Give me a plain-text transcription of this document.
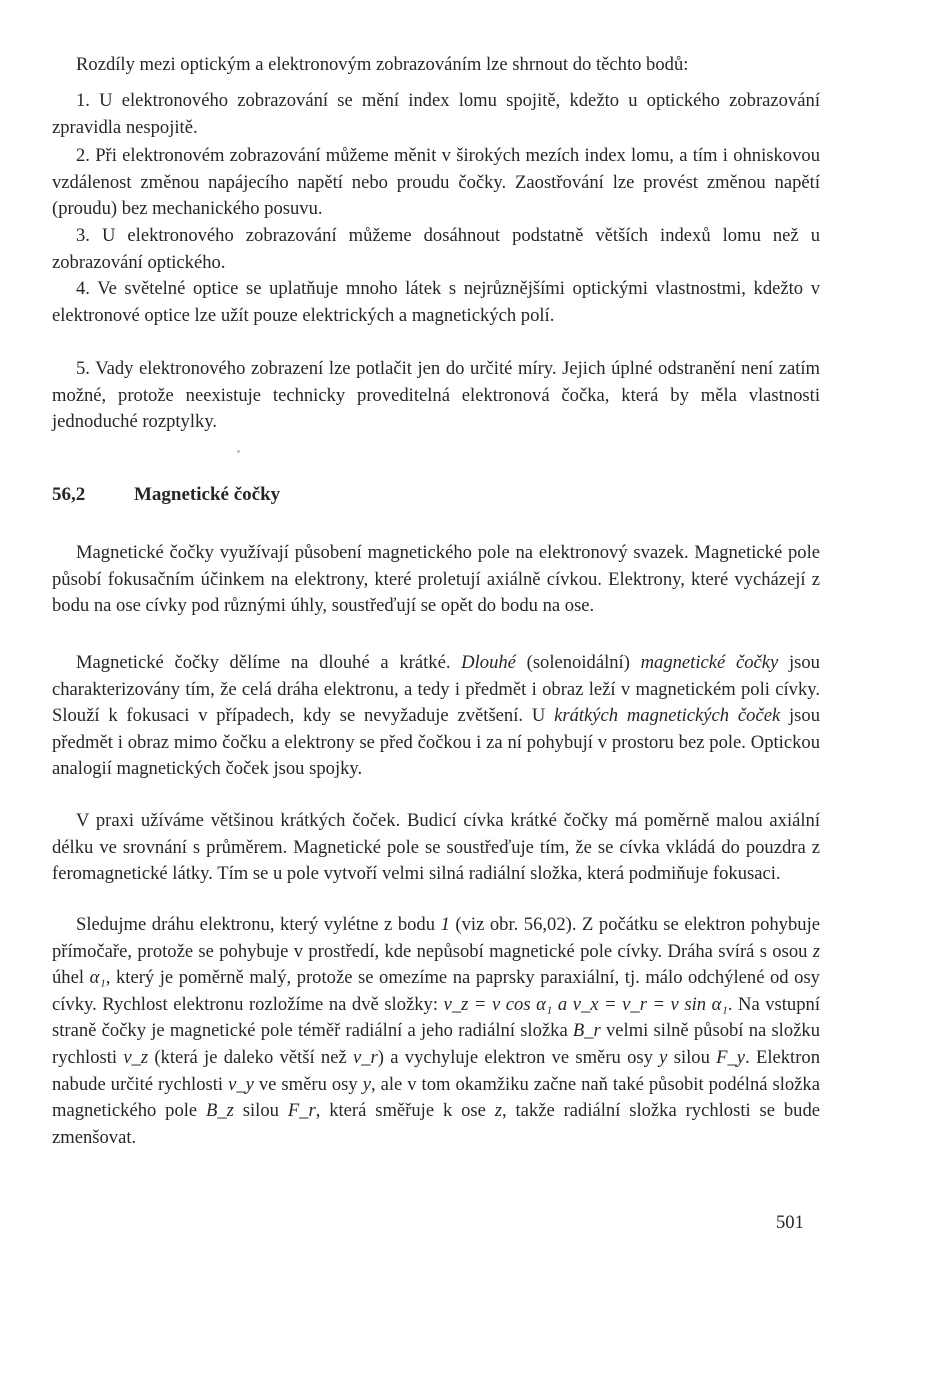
Rozdíly mezi optickým a elektronovým zobrazováním lze shrnout do těchto bodů:

1. U elektronového zobrazování se mění index lomu spojitě, kdežto u optického zobrazování zpravidla nespojitě.

2. Při elektronovém zobrazování můžeme měnit v širokých mezích index lomu, a tím i ohniskovou vzdálenost změnou napájecího napětí nebo proudu čočky. Zaostřování lze provést změnou napětí (proudu) bez mechanického posuvu.

3. U elektronového zobrazování můžeme dosáhnout podstatně větších indexů lomu než u zobrazování optického.

4. Ve světelné optice se uplatňuje mnoho látek s nejrůznějšími optickými vlastnostmi, kdežto v elektronové optice lze užít pouze elektrických a magnetických polí.

5. Vady elektronového zobrazení lze potlačit jen do určité míry. Jejich úplné odstranění není zatím možné, protože neexistuje technicky proveditelná elektronová čočka, která by měla vlastnosti jednoduché rozptylky.

56,2	Magnetické čočky

Magnetické čočky využívají působení magnetického pole na elektronový svazek. Magnetické pole působí fokusačním účinkem na elektrony, které proletují axiálně cívkou. Elektrony, které vycházejí z bodu na ose cívky pod různými úhly, soustřeďují se opět do bodu na ose.

Magnetické čočky dělíme na dlouhé a krátké. Dlouhé (solenoidální) magnetické čočky jsou charakterizovány tím, že celá dráha elektronu, a tedy i předmět i obraz leží v magnetickém poli cívky. Slouží k fokusaci v případech, kdy se nevyžaduje zvětšení. U krátkých magnetických čoček jsou předmět i obraz mimo čočku a elektrony se před čočkou i za ní pohybují v prostoru bez pole. Optickou analogií magnetických čoček jsou spojky.

V praxi užíváme většinou krátkých čoček. Budicí cívka krátké čočky má poměrně malou axiální délku ve srovnání s průměrem. Magnetické pole se soustřeďuje tím, že se cívka vkládá do pouzdra z feromagnetické látky. Tím se u pole vytvoří velmi silná radiální složka, která podmiňuje fokusaci.

Sledujme dráhu elektronu, který vylétne z bodu 1 (viz obr. 56,02). Z počátku se elektron pohybuje přímočaře, protože se pohybuje v prostředí, kde nepůsobí magnetické pole cívky. Dráha svírá s osou z úhel α₁, který je poměrně malý, protože se omezíme na paprsky paraxiální, tj. málo odchýlené od osy cívky. Rychlost elektronu rozložíme na dvě složky: v_z = v cos α₁ a v_x = v_r = v sin α₁. Na vstupní straně čočky je magnetické pole téměř radiální a jeho radiální složka B_r velmi silně působí na složku rychlosti v_z (která je daleko větší než v_r) a vychyluje elektron ve směru osy y silou F_y. Elektron nabude určité rychlosti v_y ve směru osy y, ale v tom okamžiku začne naň také působit podélná složka magnetického pole B_z silou F_r, která směřuje k ose z, takže radiální složka rychlosti se bude zmenšovat.

501
